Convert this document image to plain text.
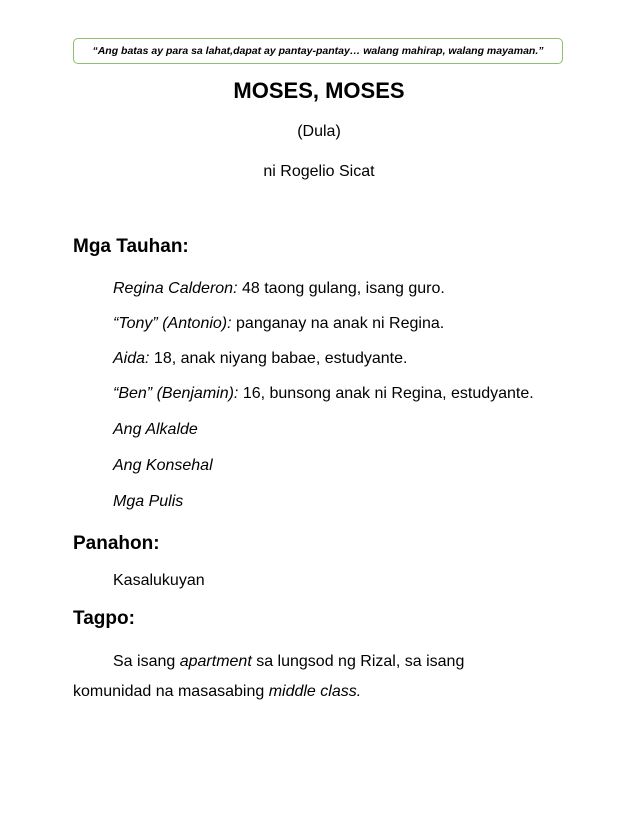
“Ang batas ay para sa lahat,dapat ay pantay-pantay… walang mahirap, walang mayaman.”
MOSES, MOSES
(Dula)
ni Rogelio Sicat
Mga Tauhan:
Regina Calderon: 48 taong gulang, isang guro.
“Tony” (Antonio): panganay na anak ni Regina.
Aida: 18, anak niyang babae, estudyante.
“Ben” (Benjamin): 16, bunsong anak ni Regina, estudyante.
Ang Alkalde
Ang Konsehal
Mga Pulis
Panahon:
Kasalukuyan
Tagpo:
Sa isang apartment sa lungsod ng Rizal, sa isang komunidad na masasabing middle class.
